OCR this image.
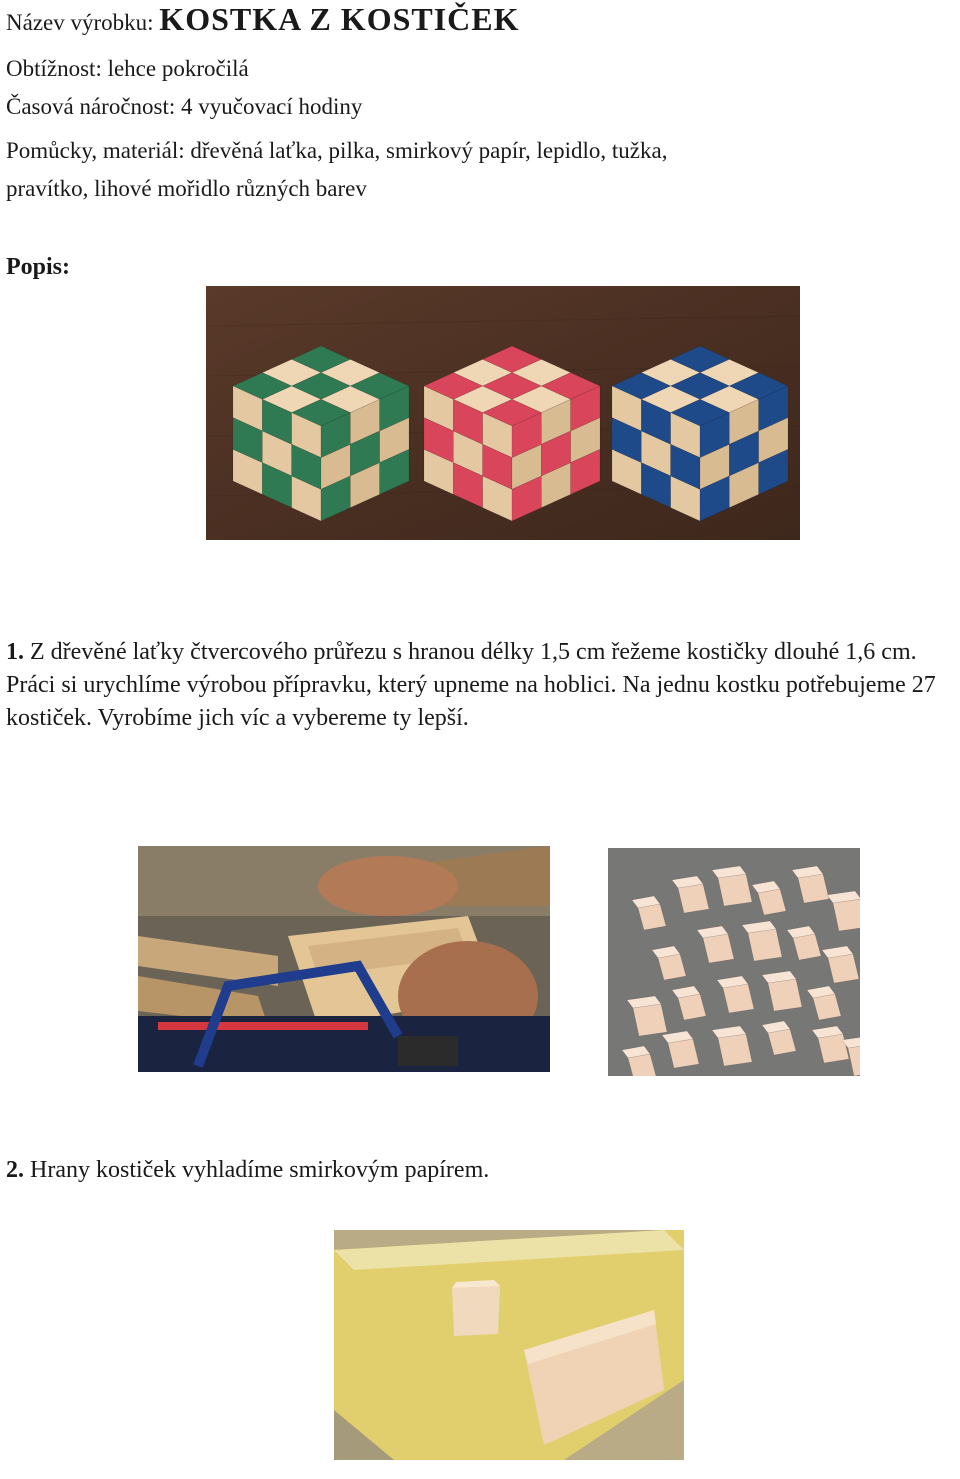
Název výrobku: KOSTKA Z KOSTIČEK
Obtížnost: lehce pokročilá
Časová náročnost: 4 vyučovací hodiny
Pomůcky, materiál: dřevěná laťka, pilka, smirkový papír, lepidlo, tužka,
pravítko, lihové mořidlo různých barev
Popis:
1. Z dřevěné laťky čtvercového průřezu s hranou délky 1,5 cm řežeme kostičky dlouhé 1,6 cm. Práci si urychlíme výrobou přípravku, který upneme na hoblici. Na jednu kostku potřebujeme 27 kostiček. Vyrobíme jich víc a vybereme ty lepší.
2. Hrany kostiček vyhladíme smirkovým papírem.
